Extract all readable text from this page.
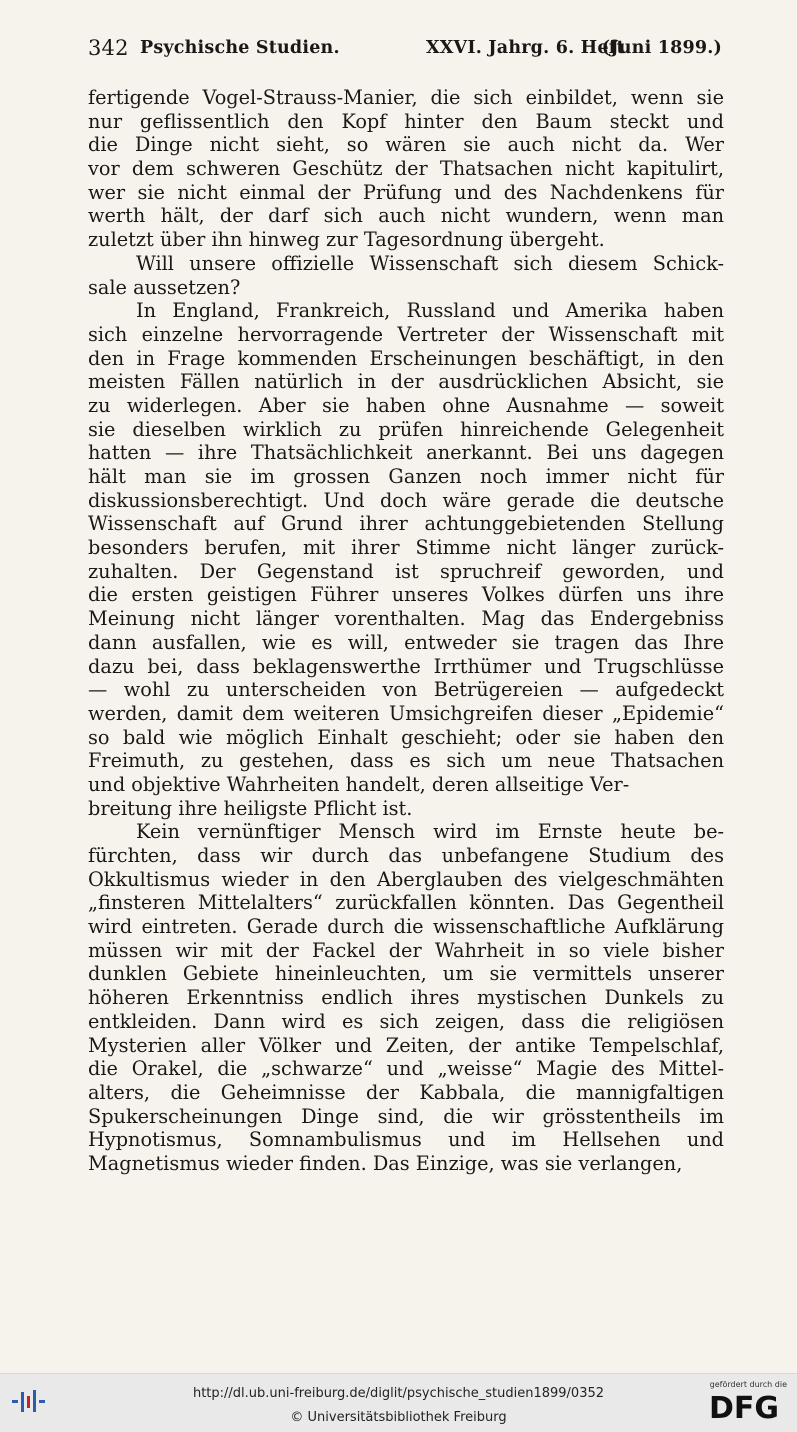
342 Psychische Studien.	XXVI. Jahrg. 6. Heft.
(Juni 1899.)
fertigende Vogel-Strauss-Manier, die sich einbildet, wenn sie
nur geflissentlich den Kopf hinter den Baum steckt und
die Dinge nicht sieht, so wären sie auch nicht da. Wer
vor dem schweren Geschütz der Thatsachen nicht kapitulirt,
wer sie nicht einmal der Prüfung und des Nachdenkens für
werth hält, der darf sich auch nicht wundern, wenn man
zuletzt über ihn hinweg zur Tagesordnung übergeht.
Will unsere offizielle Wissenschaft sich diesem Schick-
sale aussetzen?
In England, Frankreich, Russland und Amerika haben
sich einzelne hervorragende Vertreter der Wissenschaft mit
den in Frage kommenden Erscheinungen beschäftigt, in den
meisten Fällen natürlich in der ausdrücklichen Absicht, sie
zu widerlegen. Aber sie haben ohne Ausnahme — soweit
sie dieselben wirklich zu prüfen hinreichende Gelegenheit
hatten — ihre Thatsächlichkeit anerkannt. Bei uns dagegen
hält man sie im grossen Ganzen noch immer nicht für
diskussionsberechtigt. Und doch wäre gerade die deutsche
Wissenschaft auf Grund ihrer achtunggebietenden Stellung
besonders berufen, mit ihrer Stimme nicht länger zurück-
zuhalten. Der Gegenstand ist spruchreif geworden, und
die ersten geistigen Führer unseres Volkes dürfen uns ihre
Meinung nicht länger vorenthalten. Mag das Endergebniss
dann ausfallen, wie es will, entweder sie tragen das Ihre
dazu bei, dass beklagenswerthe Irrthümer und Trugschlüsse
— wohl zu unterscheiden von Betrügereien — aufgedeckt
werden, damit dem weiteren Umsichgreifen dieser „Epidemie“
so bald wie möglich Einhalt geschieht; oder sie haben den
Freimuth, zu gestehen, dass es sich um neue Thatsachen
und objektive Wahrheiten handelt, deren allseitige Ver-
breitung ihre heiligste Pflicht ist.
Kein vernünftiger Mensch wird im Ernste heute be-
fürchten, dass wir durch das unbefangene Studium des
Okkultismus wieder in den Aberglauben des vielgeschmähten
„finsteren Mittelalters“ zurückfallen könnten. Das Gegentheil
wird eintreten. Gerade durch die wissenschaftliche Aufklärung
müssen wir mit der Fackel der Wahrheit in so viele bisher
dunklen Gebiete hineinleuchten, um sie vermittels unserer
höheren Erkenntniss endlich ihres mystischen Dunkels zu
entkleiden. Dann wird es sich zeigen, dass die religiösen
Mysterien aller Völker und Zeiten, der antike Tempelschlaf,
die Orakel, die „schwarze“ und „weisse“ Magie des Mittel-
alters, die Geheimnisse der Kabbala, die mannigfaltigen
Spukerscheinungen Dinge sind, die wir grösstentheils im
Hypnotismus, Somnambulismus und im Hellsehen und
Magnetismus wieder finden. Das Einzige, was sie verlangen,
http://dl.ub.uni-freiburg.de/diglit/psychische_studien1899/0352
© Universitätsbibliothek Freiburg
gefördert durch die
DFG
